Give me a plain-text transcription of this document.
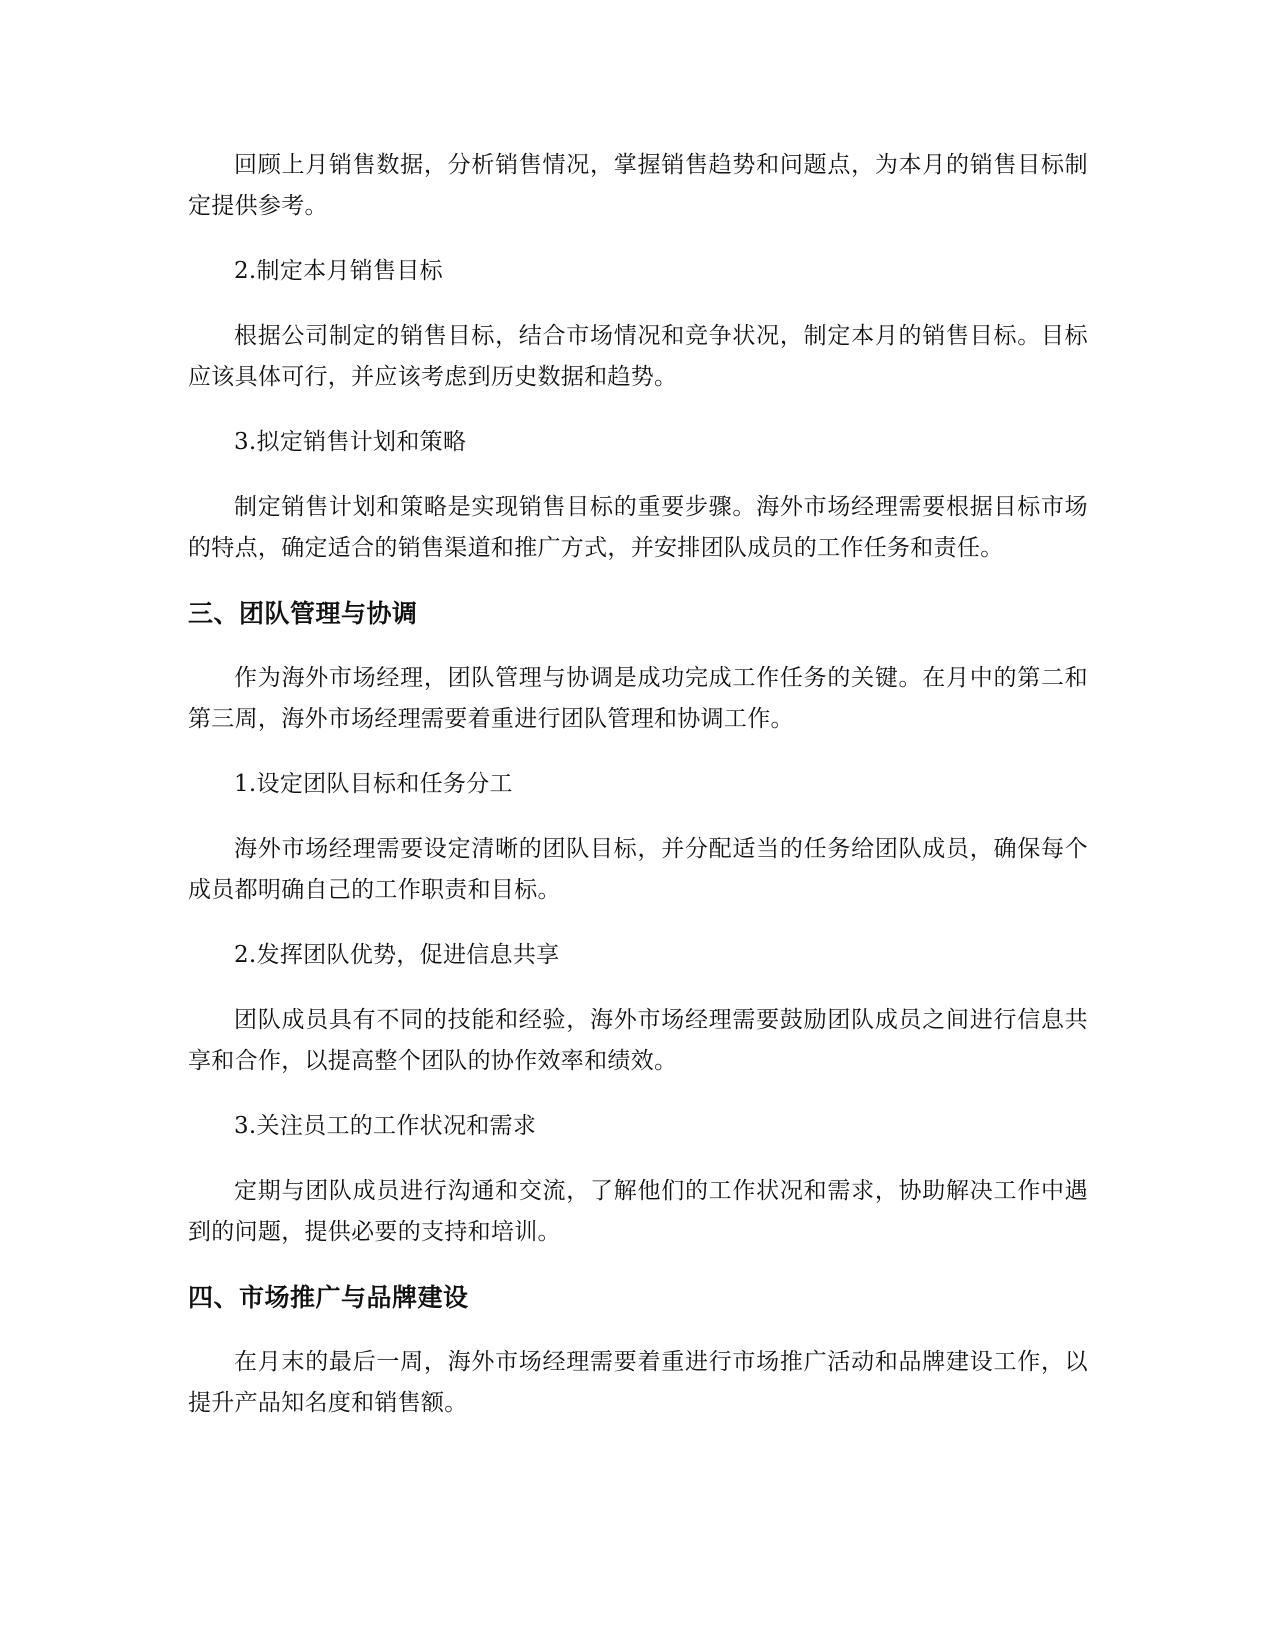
回顾上月销售数据，分析销售情况，掌握销售趋势和问题点，为本月的销售目标制定提供参考。

2.制定本月销售目标

根据公司制定的销售目标，结合市场情况和竞争状况，制定本月的销售目标。目标应该具体可行，并应该考虑到历史数据和趋势。

3.拟定销售计划和策略

制定销售计划和策略是实现销售目标的重要步骤。海外市场经理需要根据目标市场的特点，确定适合的销售渠道和推广方式，并安排团队成员的工作任务和责任。

三、团队管理与协调

作为海外市场经理，团队管理与协调是成功完成工作任务的关键。在月中的第二和第三周，海外市场经理需要着重进行团队管理和协调工作。

1.设定团队目标和任务分工

海外市场经理需要设定清晰的团队目标，并分配适当的任务给团队成员，确保每个成员都明确自己的工作职责和目标。

2.发挥团队优势，促进信息共享

团队成员具有不同的技能和经验，海外市场经理需要鼓励团队成员之间进行信息共享和合作，以提高整个团队的协作效率和绩效。

3.关注员工的工作状况和需求

定期与团队成员进行沟通和交流，了解他们的工作状况和需求，协助解决工作中遇到的问题，提供必要的支持和培训。

四、市场推广与品牌建设

在月末的最后一周，海外市场经理需要着重进行市场推广活动和品牌建设工作，以提升产品知名度和销售额。
